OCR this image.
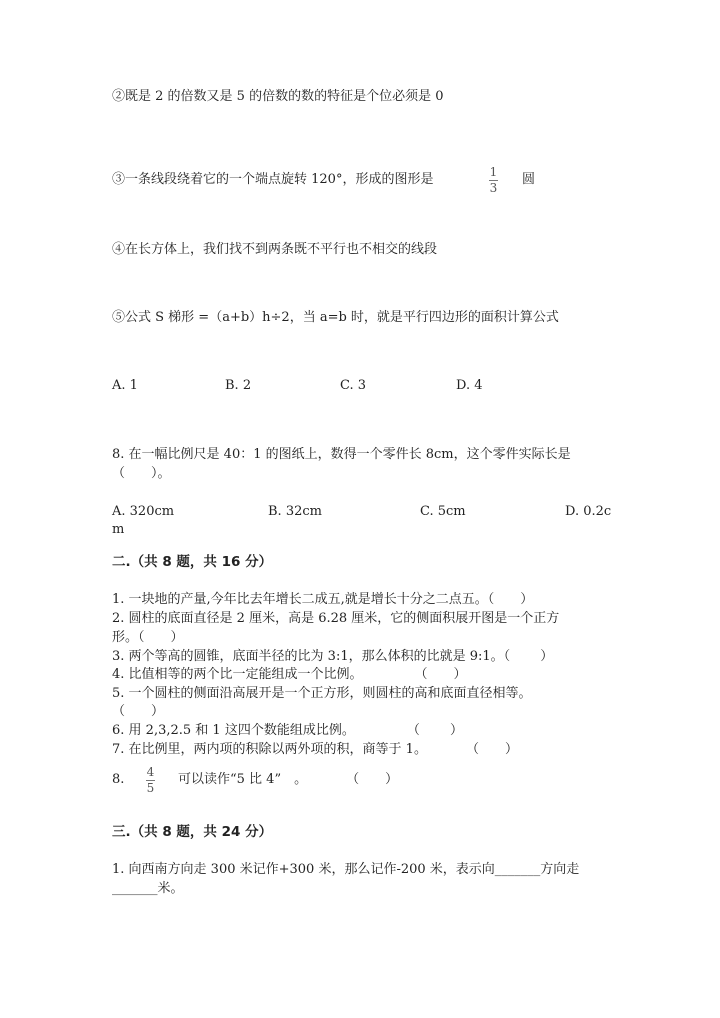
②既是 2 的倍数又是 5 的倍数的数的特征是个位必须是 0
③一条线段绕着它的一个端点旋转 120°，形成的图形是	1
3
圆
④在长方体上，我们找不到两条既不平行也不相交的线段
⑤公式 S 梯形 =（a+b）h÷2，当 a=b 时，就是平行四边形的面积计算公式
A. 1	B. 2	C. 3	D. 4
8. 在一幅比例尺是 40：1 的图纸上，数得一个零件长 8cm，这个零件实际长是
（　　）。
A. 320cm	B. 32cm	C. 5cm	D. 0.2c
m
二.（共 8 题，共 16 分）
1. 一块地的产量,今年比去年增长二成五,就是增长十分之二点五。（　　）
2. 圆柱的底面直径是 2 厘米，高是 6.28 厘米，它的侧面积展开图是一个正方
形。（　　）
3. 两个等高的圆锥，底面半径的比为 3:1，那么体积的比就是 9:1。（　　 ）
4. 比值相等的两个比一定能组成一个比例。　　　　　（　　）
5. 一个圆柱的侧面沿高展开是一个正方形，则圆柱的高和底面直径相等。
（　　）
6. 用 2,3,2.5 和 1 这四个数能组成比例。　　　　　（　　 ）
7. 在比例里，两内项的积除以两外项的积，商等于 1。　　　　（　　）
8. 4
5
可以读作“5 比 4”　。　　　　（　　）
三.（共 8 题，共 24 分）
1. 向西南方向走 300 米记作+300 米，那么记作-200 米，表示向_______方向走
_______米。
